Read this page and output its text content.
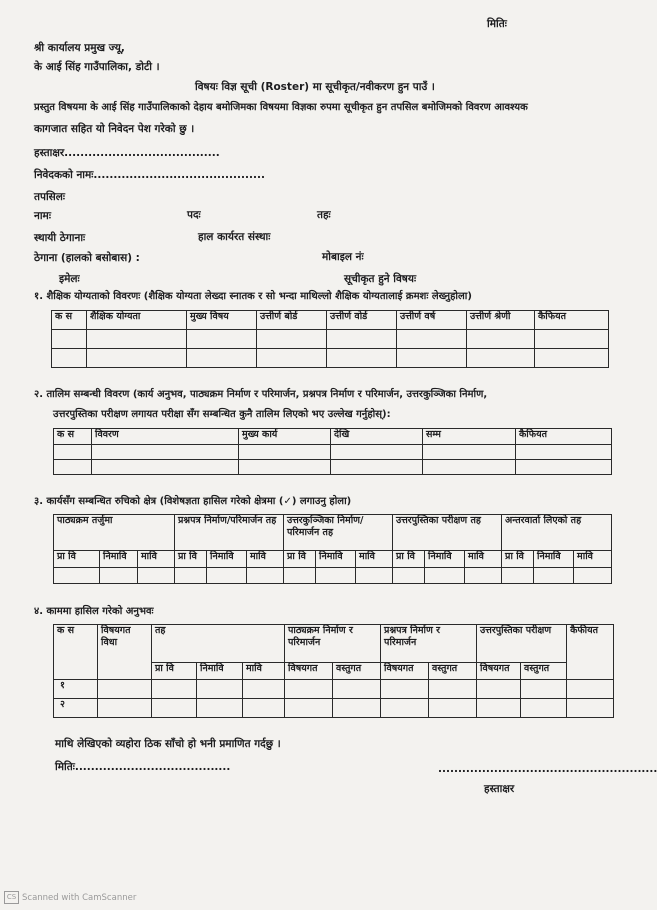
मितिः
श्री कार्यालय प्रमुख ज्यू,
के आई सिंह गाउँपालिका, डोटी ।
विषयः विज्ञ सूची (Roster) मा सूचीकृत/नवीकरण हुन पाउँ ।
प्रस्तुत विषयमा के आई सिंह गाउँपालिकाको देहाय बमोजिमका विषयमा विज्ञका रुपमा सूचीकृत हुन तपसिल बमोजिमको विवरण आवश्यक
कागजात सहित यो निवेदन पेश गरेको छु ।
हस्ताक्षर.......................................
निवेदकको नामः...........................................
तपसिलः
नामः	पदः	तहः
स्थायी ठेगानाः	हाल कार्यरत संस्थाः
ठेगाना (हालको बसोबास) :	मोबाइल नंः
इमेलः	सूचीकृत हुने विषयः
१. शैक्षिक योग्यताको विवरणः (शैक्षिक योग्यता लेख्दा स्नातक र सो भन्दा माथिल्लो शैक्षिक योग्यतालाई क्रमशः लेख्नुहोला)
क स	शैक्षिक योग्यता	मुख्य विषय	उत्तीर्ण बोर्ड	उत्तीर्ण वोर्ड	उत्तीर्ण वर्ष	उत्तीर्ण श्रेणी	कैफियत

२. तालिम सम्बन्धी विवरण (कार्य अनुभव, पाठ्यक्रम निर्माण र परिमार्जन, प्रश्नपत्र निर्माण र परिमार्जन, उत्तरकुञ्जिका निर्माण,
उत्तरपुस्तिका परीक्षण लगायत परीक्षा सँग सम्बन्धित कुनै तालिम लिएको भए उल्लेख गर्नुहोस्):
क स	विवरण	मुख्य कार्य	देखि	सम्म	कैफियत

३. कार्यसँग सम्बन्धित रुचिको क्षेत्र (विशेषज्ञता हासिल गरेको क्षेत्रमा (✓) लगाउनु होला)
पाठ्यक्रम तर्जुमा			प्रश्नपत्र निर्माण/परिमार्जन तह			उत्तरकुञ्जिका निर्माण/परिमार्जन तह			उत्तरपुस्तिका परीक्षण तह			अन्तरवार्ता लिएको तह		
प्रा वि	निमावि	मावि	प्रा वि	निमावि	मावि	प्रा वि	निमावि	मावि	प्रा वि	निमावि	मावि	प्रा वि	निमावि	मावि

४. काममा हासिल गरेको अनुभवः
क स	विषयगत विधा	तह			पाठ्यक्रम निर्माण र परिमार्जन		प्रश्नपत्र निर्माण र परिमार्जन		उत्तरपुस्तिका परीक्षण		कैफीयत
		प्रा वि	निमावि	मावि	विषयगत	वस्तुगत	विषयगत	वस्तुगत	विषयगत	वस्तुगत	
१											
२											
माथि लेखिएको व्यहोरा ठिक साँचो हो भनी प्रमाणित गर्दछु ।
मितिः.......................................	.......................................................
हस्ताक्षर
CS Scanned with CamScanner
